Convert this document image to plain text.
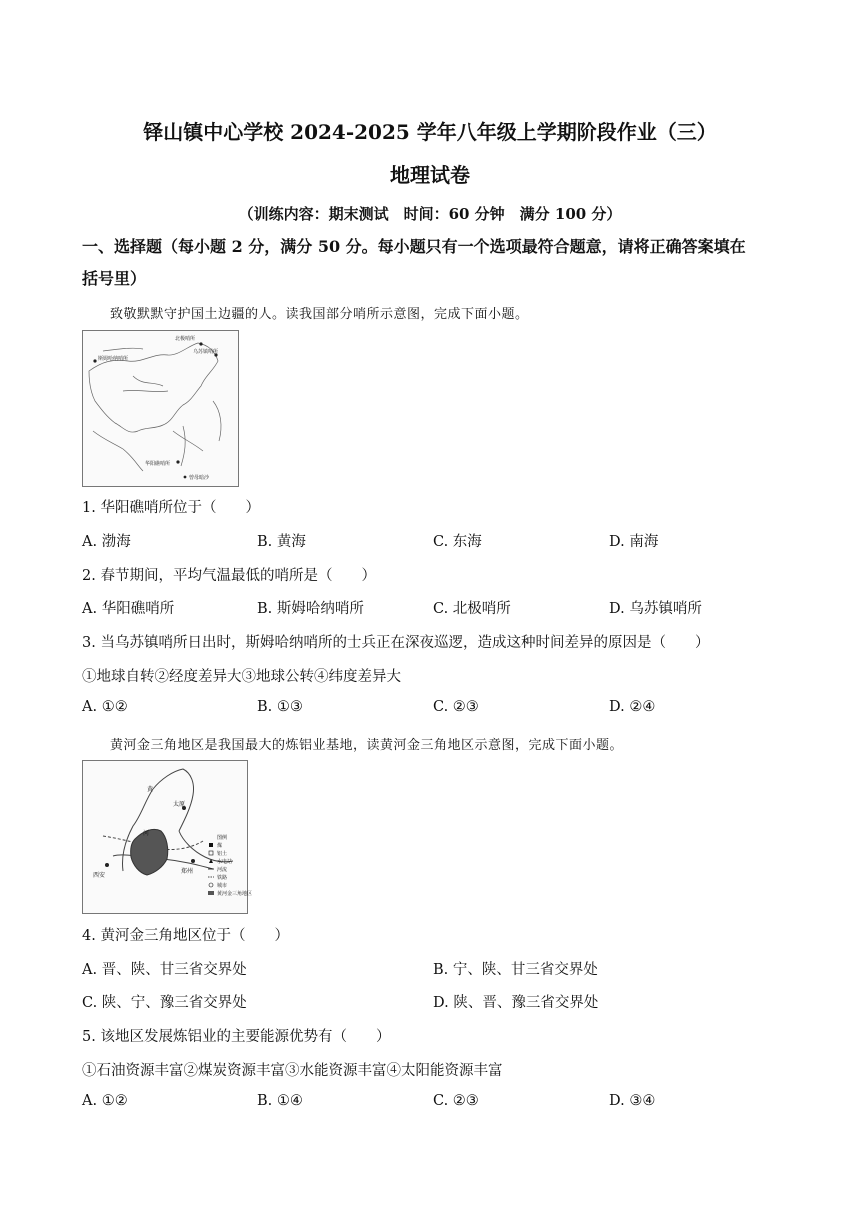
铎山镇中心学校 2024-2025 学年八年级上学期阶段作业（三）
地理试卷
（训练内容：期末测试　时间：60 分钟　满分 100 分）
一、选择题（每小题 2 分，满分 50 分。每小题只有一个选项最符合题意，请将正确答案填在
括号里）
致敬默默守护国土边疆的人。读我国部分哨所示意图，完成下面小题。
北极哨所
乌苏镇哨所
斯姆哈纳哨所
华阳礁哨所
曾母暗沙
1. 华阳礁哨所位于（　　）
A. 渤海	B. 黄海	C. 东海	D. 南海
2. 春节期间，平均气温最低的哨所是（　　）
A. 华阳礁哨所	B. 斯姆哈纳哨所	C. 北极哨所	D. 乌苏镇哨所
3. 当乌苏镇哨所日出时，斯姆哈纳哨所的士兵正在深夜巡逻，造成这种时间差异的原因是（　　）
①地球自转②经度差异大③地球公转④纬度差异大
A. ①②	B. ①③	C. ②③	D. ②④
黄河金三角地区是我国最大的炼铝业基地，读黄河金三角地区示意图，完成下面小题。
黄
太原
河
西安
郑州
图例
煤
铝土
水电站
河流
铁路
城市
黄河金三角地区
4. 黄河金三角地区位于（　　）
A. 晋、陕、甘三省交界处	B. 宁、陕、甘三省交界处
C. 陕、宁、豫三省交界处	D. 陕、晋、豫三省交界处
5. 该地区发展炼铝业的主要能源优势有（　　）
①石油资源丰富②煤炭资源丰富③水能资源丰富④太阳能资源丰富
A. ①②	B. ①④	C. ②③	D. ③④
